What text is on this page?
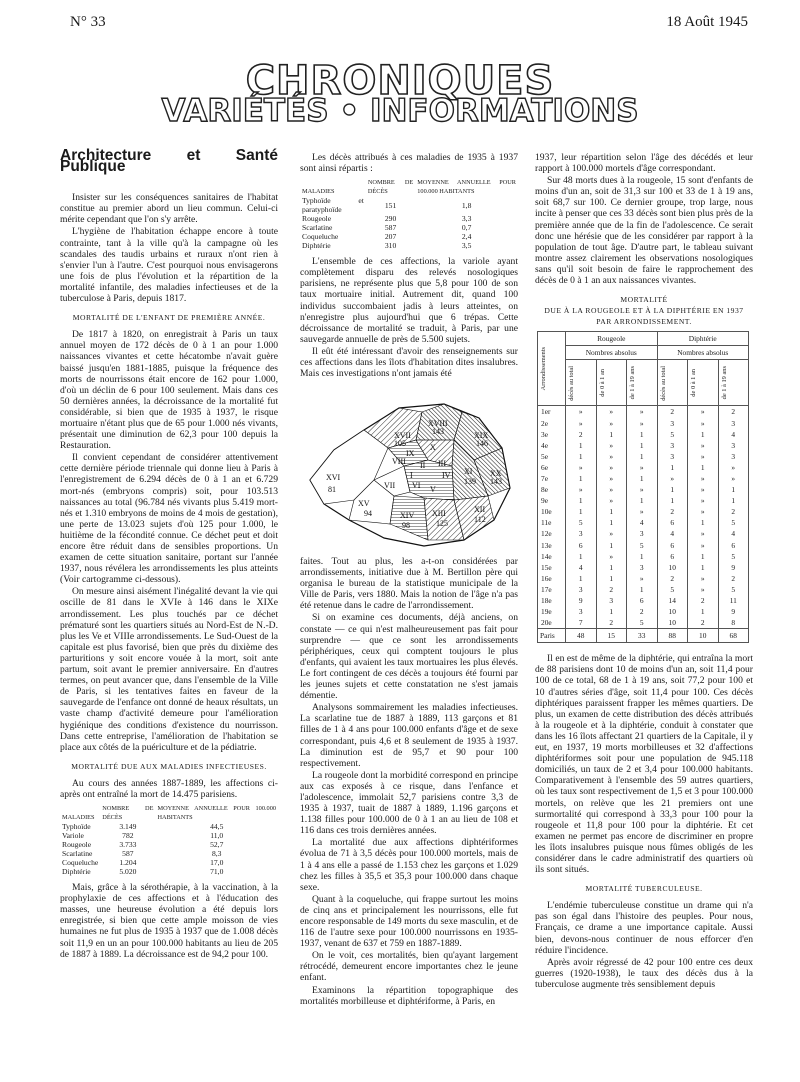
N° 33	18 Août 1945
CHRONIQUES
VARIÉTÉS • INFORMATIONS
Architecture et Santé Publique

Insister sur les conséquences sanitaires de l'habitat constitue au premier abord un lieu commun. Celui-ci mérite cependant que l'on s'y arrête.

L'hygiène de l'habitation échappe encore à toute contrainte, tant à la ville qu'à la campagne où les scandales des taudis urbains et ruraux n'ont rien à s'envier l'un à l'autre. C'est pourquoi nous envisagerons une fois de plus l'évolution et la répartition de la mortalité infantile, des maladies infectieuses et de la tuberculose à Paris, depuis 1817.

MORTALITÉ DE L'ENFANT DE PREMIÈRE ANNÉE.

De 1817 à 1820, on enregistrait à Paris un taux annuel moyen de 172 décès de 0 à 1 an pour 1.000 naissances vivantes et cette hécatombe n'avait guère baissé jusqu'en 1881-1885, puisque la fréquence des morts de nourrissons était encore de 162 pour 1.000, d'où un déclin de 6 pour 100 seulement. Mais dans ces 50 dernières années, la décroissance de la mortalité fut considérable, si bien que de 1935 à 1937, le risque mortuaire n'étant plus que de 65 pour 1.000 nés vivants, présentait une diminution de 62,3 pour 100 depuis la Restauration.

Il convient cependant de considérer attentivement cette dernière période triennale qui donne lieu à Paris à l'enregistrement de 6.294 décès de 0 à 1 an et 6.729 mort-nés (embryons compris) soit, pour 103.513 naissances au total (96.784 nés vivants plus 5.419 mort-nés et 1.310 embryons de moins de 4 mois de gestation), une perte de 13.023 sujets d'où 125 pour 1.000, le huitième de la fécondité connue. Ce déchet peut et doit encore être réduit dans de sensibles proportions. Un examen de cette situation sanitaire, portant sur l'année 1937, nous révélera les arrondissements les plus atteints (Voir cartogramme ci-dessous).

On mesure ainsi aisément l'inégalité devant la vie qui oscille de 81 dans le XVIe à 146 dans le XIXe arrondissement. Les plus touchés par ce déchet prématuré sont les quartiers situés au Nord-Est de N.-D. plus les Ve et VIIIe arrondissements. Le Sud-Ouest de la capitale est plus favorisé, bien que près du dixième des parturitions y soit encore vouée à la mort, soit ante partum, soit avant le premier anniversaire. En d'autres termes, on peut avancer que, dans l'ensemble de la Ville de Paris, si les tentatives faites en faveur de la sauvegarde de l'enfance ont donné de heaux résultats, un vaste champ d'activité demeure pour l'amélioration hygiénique des conditions d'existence du nourrisson. Dans cette entreprise, l'amélioration de l'habitation se place aux côtés de la puériculture et de la pédiatrie.

MORTALITÉ DUE AUX MALADIES INFECTIEUSES.

Au cours des années 1887-1889, les affections ci-après ont entraîné la mort de 14.475 parisiens.

MALADIES	NOMBRE DE DÉCÈS	MOYENNE ANNUELLE POUR 100.000 HABITANTS
Typhoïde	3.149	44,5
Variole	782	11,0
Rougeole	3.733	52,7
Scarlatine	587	8,3
Coqueluche	1.204	17,0
Diphtérie	5.020	71,0

Mais, grâce à la sérothérapie, à la vaccination, à la prophylaxie de ces affections et à l'éducation des masses, une heureuse évolution a été depuis lors enregistrée, si bien que cette ample moisson de vies humaines ne fut plus de 1935 à 1937 que de 1.008 décès soit 11,9 en un an pour 100.000 habitants au lieu de 205 de 1887 à 1889. La décroissance est de 94,2 pour 100.

Les décès attribués à ces maladies de 1935 à 1937 sont ainsi répartis :

MALADIES	NOMBRE DE DÉCÈS	MOYENNE ANNUELLE POUR 100.000 HABITANTS
Typhoïde et paratyphoïde	151	1,8
Rougeole	290	3,3
Scarlatine	587	0,7
Coqueluche	207	2,4
Diphtérie	310	3,5

L'ensemble de ces affections, la variole ayant complètement disparu des relevés nosologiques parisiens, ne représente plus que 5,8 pour 100 de son taux mortuaire initial. Autrement dit, quand 100 individus succombaient jadis à leurs atteintes, on n'enregistre plus aujourd'hui que 6 trépas. Cette décroissance de mortalité se traduit, à Paris, par une sauvegarde annuelle de près de 5.500 sujets.

Il eût été intéressant d'avoir des renseignements sur ces affections dans les îlots d'habitation dites insalubres. Mais ces investigations n'ont jamais été

XVII
XVIII
XIX
XX
XVI
XV
XIV XIII	XII
XI
X
IX
VIII
VII VI V
IV
III
II
I
105
143
146
143
81
94
98	125	112
139

faites. Tout au plus, les a-t-on considérées par arrondissements, initiative due à M. Bertillon père qui organisa le bureau de la statistique municipale de la Ville de Paris, vers 1880. Mais la notion de l'âge n'a pas été retenue dans le cadre de l'arrondissement.

Si on examine ces documents, déjà anciens, on constate — ce qui n'est malheureusement pas fait pour surprendre — que ce sont les arrondissements périphériques, ceux qui comptent toujours le plus d'enfants, qui avaient les taux mortuaires les plus élevés. Le fort contingent de ces décès a toujours été fourni par les jeunes sujets et cette constatation ne s'est jamais démentie.

Analysons sommairement les maladies infectieuses. La scarlatine tue de 1887 à 1889, 113 garçons et 81 filles de 1 à 4 ans pour 100.000 enfants d'âge et de sexe correspondant, puis 4,6 et 8 seulement de 1935 à 1937. La diminution est de 95,7 et 90 pour 100 respectivement.

La rougeole dont la morbidité correspond en principe aux cas exposés à ce risque, dans l'enfance et l'adolescence, immolait 52,7 parisiens contre 3,3 de 1935 à 1937, tuait de 1887 à 1889, 1.196 garçons et 1.138 filles pour 100.000 de 0 à 1 an au lieu de 108 et 116 dans ces trois dernières années.

La mortalité due aux affections diphtériformes évolua de 71 à 3,5 décès pour 100.000 mortels, mais de 1 à 4 ans elle a passé de 1.153 chez les garçons et 1.029 chez les filles à 35,5 et 35,3 pour 100.000 dans chaque sexe.

Quant à la coqueluche, qui frappe surtout les moins de cinq ans et principalement les nourrissons, elle fut encore responsable de 149 morts du sexe masculin, et de 116 de l'autre sexe pour 100.000 nourrissons en 1935-1937, venant de 637 et 759 en 1887-1889.

On le voit, ces mortalités, bien qu'ayant largement rétrocédé, demeurent encore importantes chez le jeune enfant.

Examinons la répartition topographique des mortalités morbilleuse et diphtériforme, à Paris, en

1937, leur répartition selon l'âge des décédés et leur rapport à 100.000 mortels d'âge correspondant.

Sur 48 morts dues à la rougeole, 15 sont d'enfants de moins d'un an, soit de 31,3 sur 100 et 33 de 1 à 19 ans, soit 68,7 sur 100. Ce dernier groupe, trop large, nous incite à penser que ces 33 décès sont bien plus près de la première année que de la fin de l'adolescence. Ce serait donc une hérésie que de les considérer par rapport à la population de tout âge. D'autre part, le tableau suivant montre assez clairement les observations nosologiques sans qu'il soit besoin de faire le rapprochement des décès de 0 à 1 an aux naissances vivantes.

MORTALITÉ
DUE À LA ROUGEOLE ET À LA DIPHTÉRIE EN 1937
PAR ARRONDISSEMENT.
Arrondissements	Rougeole			Diphtérie		
	Nombres absolus			Nombres absolus		

	décès au total	de 0 à 1 an	de 1 à 19 ans	décès au total	de 0 à 1 an	de 1 à 19 ans

1er	»	»	»	2	»	2
2e	»	»	»	3	»	3
3e	2	1	1	5	1	4
4e	1	»	1	3	»	3
5e	1	»	1	3	»	3
6e	»	»	»	1	1	»
7e	1	»	1	»	»	»
8e	»	»	»	1	»	1
9e	1	»	1	1	»	1
10e	1	1	»	2	»	2
11e	5	1	4	6	1	5
12e	3	»	3	4	»	4
13e	6	1	5	6	»	6
14e	1	»	1	6	1	5
15e	4	1	3	10	1	9
16e	1	1	»	2	»	2
17e	3	2	1	5	»	5
18e	9	3	6	14	2	11
19e	3	1	2	10	1	9
20e	7	2	5	10	2	8
Paris	48	15	33	88	10	68

Il en est de même de la diphtérie, qui entraîna la mort de 88 parisiens dont 10 de moins d'un an, soit 11,4 pour 100 de ce total, 68 de 1 à 19 ans, soit 77,2 pour 100 et 10 d'autres séries d'âge, soit 11,4 pour 100. Ces décès diphtériques paraissent frapper les mêmes quartiers. De plus, un examen de cette distribution des décès attribués à la rougeole et à la diphtérie, conduit à constater que dans les 16 îlots affectant 21 quartiers de la Capitale, il y eut, en 1937, 19 morts morbilleuses et 32 d'affections diphtériformes soit pour une population de 945.118 domiciliés, un taux de 2 et 3,4 pour 100.000 habitants. Comparativement à l'ensemble des 59 autres quartiers, où les taux sont respectivement de 1,5 et 3 pour 100.000 mortels, on relève que les 21 premiers ont une surmortalité qui correspond à 33,3 pour 100 pour la rougeole et 11,8 pour 100 pour la diphtérie. Et cet examen ne permet pas encore de discriminer en propre les îlots insalubres puisque nous fûmes obligés de les considérer dans le cadre administratif des quartiers où ils sont situés.

MORTALITÉ TUBERCULEUSE.

L'endémie tuberculeuse constitue un drame qui n'a pas son égal dans l'histoire des peuples. Pour nous, Français, ce drame a une importance capitale. Aussi bien, devons-nous continuer de nous efforcer d'en réduire l'incidence.

Après avoir régressé de 42 pour 100 entre ces deux guerres (1920-1938), le taux des décès dus à la tuberculose augmente très sensiblement depuis
